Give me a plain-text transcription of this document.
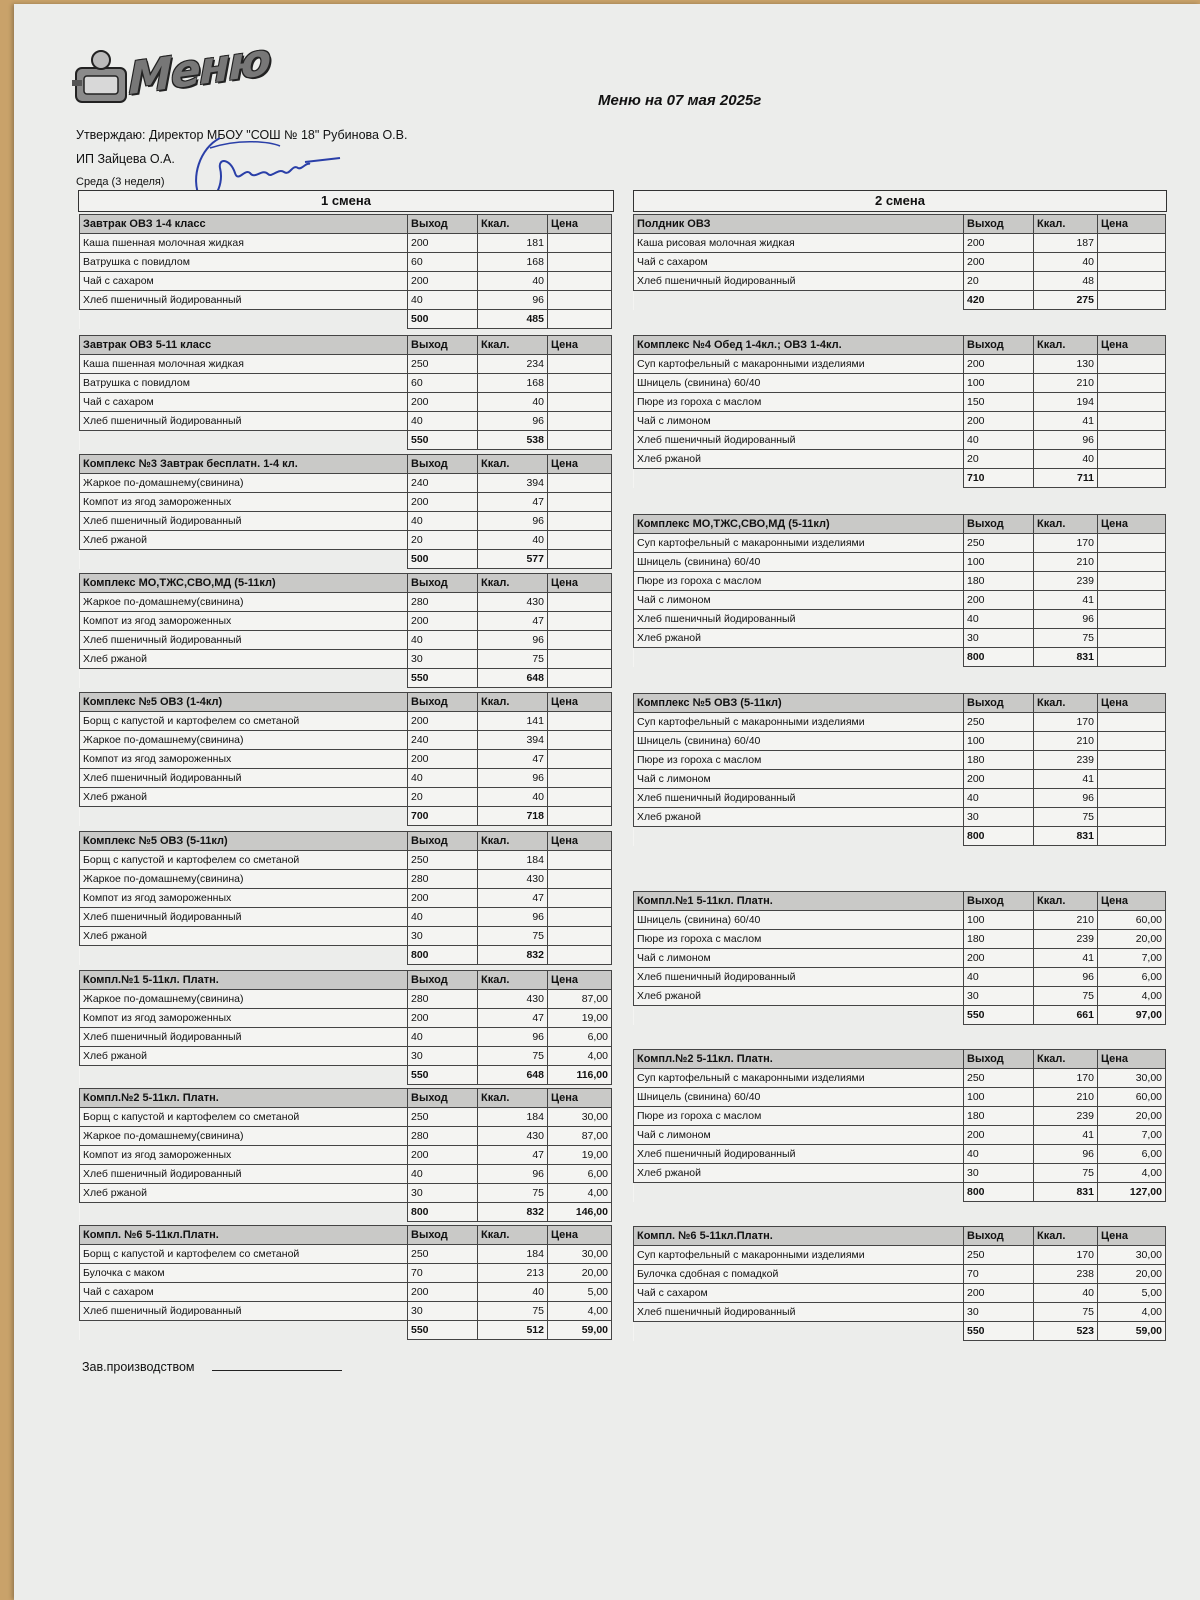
Меню	Меню на 07 мая 2025г
Утверждаю: Директор МБОУ "СОШ № 18" Рубинова О.В.
ИП Зайцева О.А.
Среда (3 неделя)
1 смена	2 смена
Завтрак ОВЗ 1-4 класс	Выход	Ккал.	Цена
Каша пшенная молочная жидкая	200	181	
Ватрушка с повидлом	60	168	
Чай с сахаром	200	40	
Хлеб пшеничный йодированный	40	96	
	500	485	
Завтрак ОВЗ 5-11 класс	Выход	Ккал.	Цена
Каша пшенная молочная жидкая	250	234	
Ватрушка с повидлом	60	168	
Чай с сахаром	200	40	
Хлеб пшеничный йодированный	40	96	
	550	538	
Комплекс №3 Завтрак бесплатн. 1-4 кл.	Выход	Ккал.	Цена
Жаркое по-домашнему(свинина)	240	394	
Компот из ягод замороженных	200	47	
Хлеб пшеничный йодированный	40	96	
Хлеб ржаной	20	40	
	500	577	
Комплекс МО,ТЖС,СВО,МД (5-11кл)	Выход	Ккал.	Цена
Жаркое по-домашнему(свинина)	280	430	
Компот из ягод замороженных	200	47	
Хлеб пшеничный йодированный	40	96	
Хлеб ржаной	30	75	
	550	648	
Комплекс №5 ОВЗ (1-4кл)	Выход	Ккал.	Цена
Борщ с капустой и картофелем со сметаной	200	141	
Жаркое по-домашнему(свинина)	240	394	
Компот из ягод замороженных	200	47	
Хлеб пшеничный йодированный	40	96	
Хлеб ржаной	20	40	
	700	718	
Комплекс №5 ОВЗ (5-11кл)	Выход	Ккал.	Цена
Борщ с капустой и картофелем со сметаной	250	184	
Жаркое по-домашнему(свинина)	280	430	
Компот из ягод замороженных	200	47	
Хлеб пшеничный йодированный	40	96	
Хлеб ржаной	30	75	
	800	832	
Компл.№1 5-11кл. Платн.	Выход	Ккал.	Цена
Жаркое по-домашнему(свинина)	280	430	87,00
Компот из ягод замороженных	200	47	19,00
Хлеб пшеничный йодированный	40	96	6,00
Хлеб ржаной	30	75	4,00
	550	648	116,00
Компл.№2 5-11кл. Платн.	Выход	Ккал.	Цена
Борщ с капустой и картофелем со сметаной	250	184	30,00
Жаркое по-домашнему(свинина)	280	430	87,00
Компот из ягод замороженных	200	47	19,00
Хлеб пшеничный йодированный	40	96	6,00
Хлеб ржаной	30	75	4,00
	800	832	146,00
Компл. №6 5-11кл.Платн.	Выход	Ккал.	Цена
Борщ с капустой и картофелем со сметаной	250	184	30,00
Булочка с маком	70	213	20,00
Чай с сахаром	200	40	5,00
Хлеб пшеничный йодированный	30	75	4,00
	550	512	59,00
Полдник ОВЗ	Выход	Ккал.	Цена
Каша рисовая молочная жидкая	200	187	
Чай с сахаром	200	40	
Хлеб пшеничный йодированный	20	48	
	420	275	
Комплекс №4 Обед 1-4кл.; ОВЗ 1-4кл.	Выход	Ккал.	Цена
Суп картофельный с макаронными изделиями	200	130	
Шницель (свинина) 60/40	100	210	
Пюре из гороха с маслом	150	194	
Чай с лимоном	200	41	
Хлеб пшеничный йодированный	40	96	
Хлеб ржаной	20	40	
	710	711	
Комплекс МО,ТЖС,СВО,МД (5-11кл)	Выход	Ккал.	Цена
Суп картофельный с макаронными изделиями	250	170	
Шницель (свинина) 60/40	100	210	
Пюре из гороха с маслом	180	239	
Чай с лимоном	200	41	
Хлеб пшеничный йодированный	40	96	
Хлеб ржаной	30	75	
	800	831	
Комплекс №5 ОВЗ (5-11кл)	Выход	Ккал.	Цена
Суп картофельный с макаронными изделиями	250	170	
Шницель (свинина) 60/40	100	210	
Пюре из гороха с маслом	180	239	
Чай с лимоном	200	41	
Хлеб пшеничный йодированный	40	96	
Хлеб ржаной	30	75	
	800	831	
Компл.№1 5-11кл. Платн.	Выход	Ккал.	Цена
Шницель (свинина) 60/40	100	210	60,00
Пюре из гороха с маслом	180	239	20,00
Чай с лимоном	200	41	7,00
Хлеб пшеничный йодированный	40	96	6,00
Хлеб ржаной	30	75	4,00
	550	661	97,00
Компл.№2 5-11кл. Платн.	Выход	Ккал.	Цена
Суп картофельный с макаронными изделиями	250	170	30,00
Шницель (свинина) 60/40	100	210	60,00
Пюре из гороха с маслом	180	239	20,00
Чай с лимоном	200	41	7,00
Хлеб пшеничный йодированный	40	96	6,00
Хлеб ржаной	30	75	4,00
	800	831	127,00
Компл. №6 5-11кл.Платн.	Выход	Ккал.	Цена
Суп картофельный с макаронными изделиями	250	170	30,00
Булочка сдобная с помадкой	70	238	20,00
Чай с сахаром	200	40	5,00
Хлеб пшеничный йодированный	30	75	4,00
	550	523	59,00
Зав.производством
